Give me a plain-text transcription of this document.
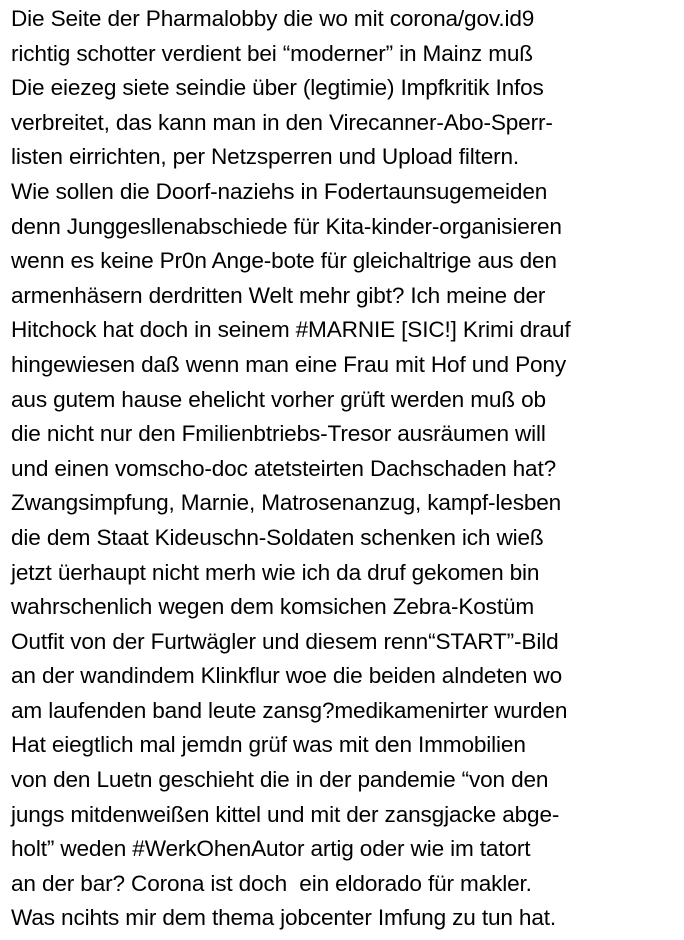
Die Seite der Pharmalobby die wo mit corona/gov.id9
richtig schotter verdient bei “moderner” in Mainz muß
Die eiezeg siete seindie über (legtimie) Impfkritik Infos
verbreitet, das kann man in den Virecanner-Abo-Sperr-
listen eirrichten, per Netzsperren und Upload filtern.
Wie sollen die Doorf-naziehs in Fodertaunsugemeiden
denn Junggesllenabschiede für Kita-kinder-organisieren
wenn es keine Pr0n Ange-bote für gleichaltrige aus den
armenhäsern derdritten Welt mehr gibt? Ich meine der
Hitchock hat doch in seinem #MARNIE [SIC!] Krimi drauf
hingewiesen daß wenn man eine Frau mit Hof und Pony
aus gutem hause ehelicht vorher grüft werden muß ob
die nicht nur den Fmilienbtriebs-Tresor ausräumen will
und einen vomscho-doc atetsteirten Dachschaden hat?
Zwangsimpfung, Marnie, Matrosenanzug, kampf-lesben
die dem Staat Kideuschn-Soldaten schenken ich wieß
jetzt üerhaupt nicht merh wie ich da druf gekomen bin
wahrschenlich wegen dem komsichen Zebra-Kostüm
Outfit von der Furtwägler und diesem renn“START”-Bild
an der wandindem Klinkflur woe die beiden alndeten wo
am laufenden band leute zansg?medikamenirter wurden
Hat eiegtlich mal jemdn grüf was mit den Immobilien
von den Luetn geschieht die in der pandemie “von den
jungs mitdenweißen kittel und mit der zansgjacke abge-
holt” weden #WerkOhenAutor artig oder wie im tatort
an der bar? Corona ist doch  ein eldorado für makler.
Was ncihts mir dem thema jobcenter Imfung zu tun hat.
